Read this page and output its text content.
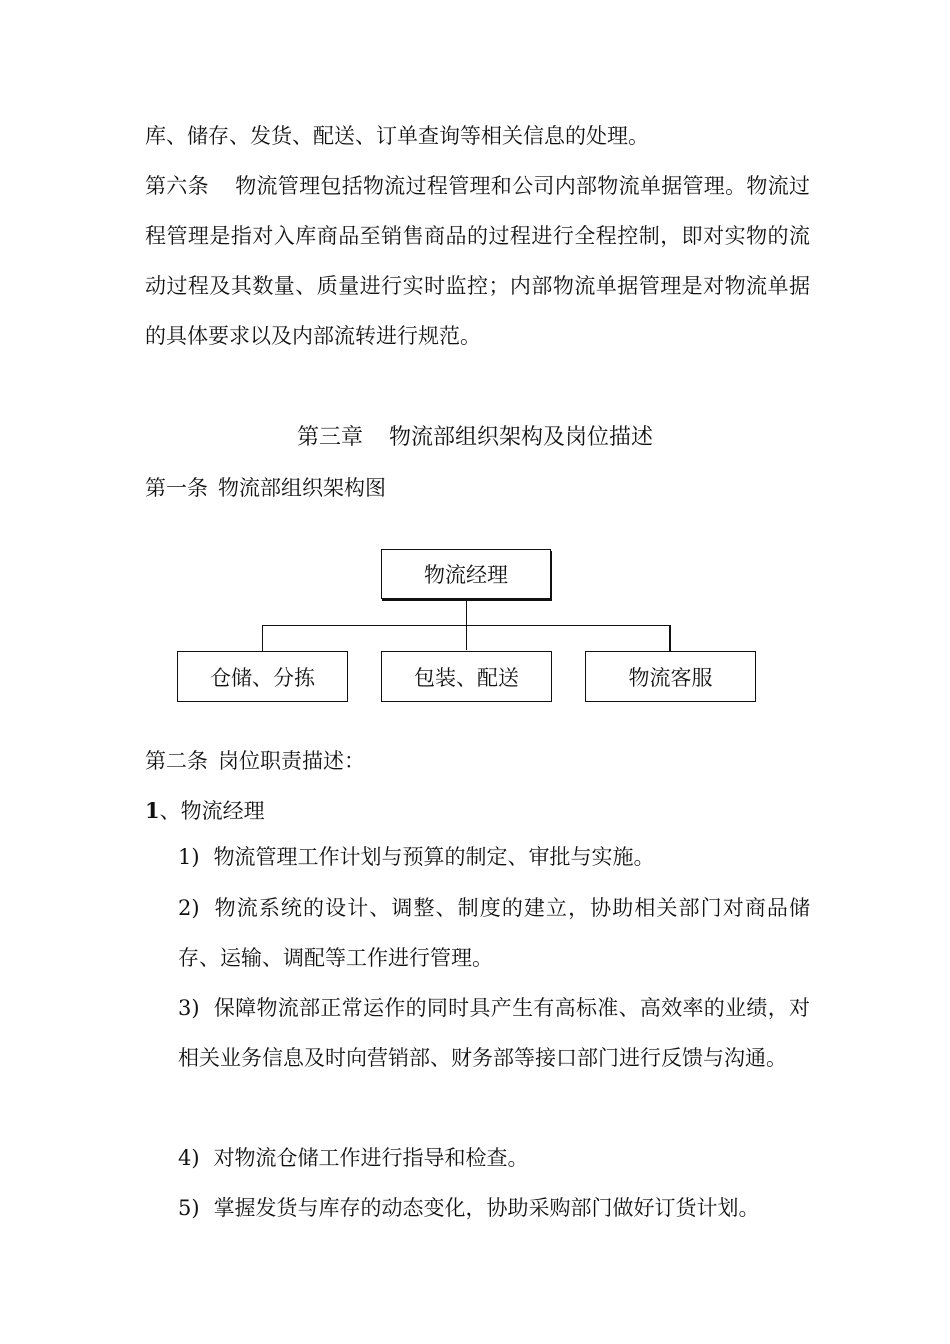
库、储存、发货、配送、订单查询等相关信息的处理。

第六条 物流管理包括物流过程管理和公司内部物流单据管理。物流过程管理是指对入库商品至销售商品的过程进行全程控制，即对实物的流动过程及其数量、质量进行实时监控；内部物流单据管理是对物流单据的具体要求以及内部流转进行规范。

第三章 物流部组织架构及岗位描述

第一条 物流部组织架构图

物流经理
仓储、分拣	包装、配送	物流客服

第二条 岗位职责描述：

1、物流经理

1) 物流管理工作计划与预算的制定、审批与实施。

2) 物流系统的设计、调整、制度的建立，协助相关部门对商品储存、运输、调配等工作进行管理。

3) 保障物流部正常运作的同时具产生有高标准、高效率的业绩，对相关业务信息及时向营销部、财务部等接口部门进行反馈与沟通。

4) 对物流仓储工作进行指导和检查。

5) 掌握发货与库存的动态变化，协助采购部门做好订货计划。
